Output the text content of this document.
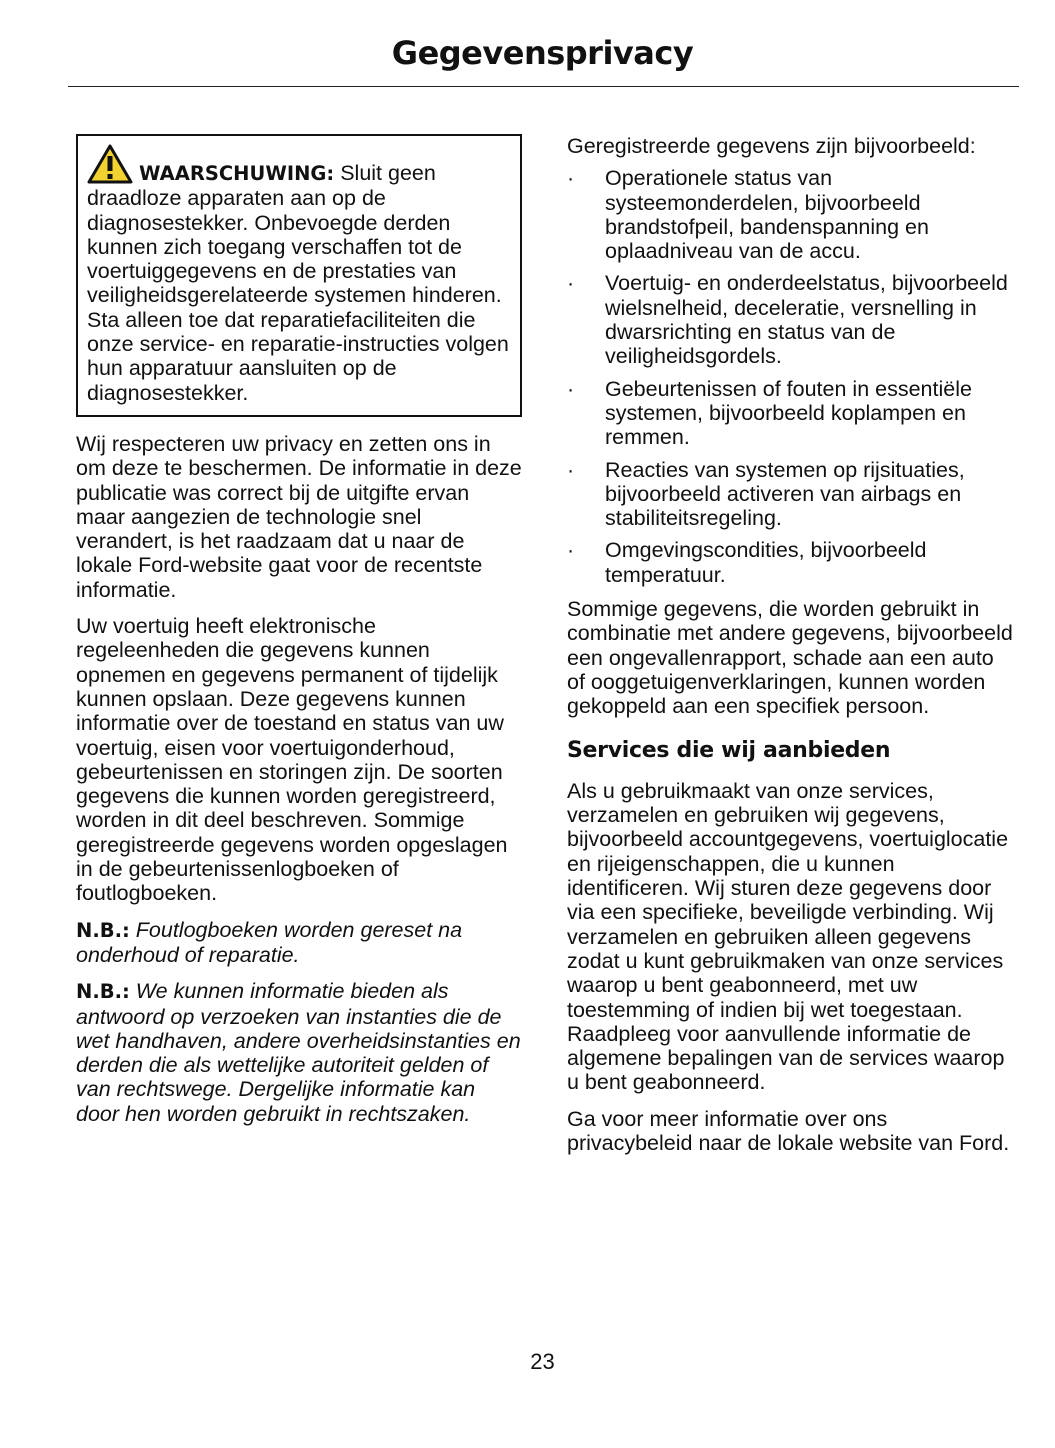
Gegevensprivacy
WAARSCHUWING: Sluit geen draadloze apparaten aan op de diagnosestekker. Onbevoegde derden kunnen zich toegang verschaffen tot de voertuiggegevens en de prestaties van veiligheidsgerelateerde systemen hinderen. Sta alleen toe dat reparatiefaciliteiten die onze service- en reparatie-instructies volgen hun apparatuur aansluiten op de diagnosestekker.

Wij respecteren uw privacy en zetten ons in om deze te beschermen. De informatie in deze publicatie was correct bij de uitgifte ervan maar aangezien de technologie snel verandert, is het raadzaam dat u naar de lokale Ford-website gaat voor de recentste informatie.

Uw voertuig heeft elektronische regeleenheden die gegevens kunnen opnemen en gegevens permanent of tijdelijk kunnen opslaan. Deze gegevens kunnen informatie over de toestand en status van uw voertuig, eisen voor voertuigonderhoud, gebeurtenissen en storingen zijn. De soorten gegevens die kunnen worden geregistreerd, worden in dit deel beschreven. Sommige geregistreerde gegevens worden opgeslagen in de gebeurtenissenlogboeken of foutlogboeken.

N.B.: Foutlogboeken worden gereset na onderhoud of reparatie.

N.B.: We kunnen informatie bieden als antwoord op verzoeken van instanties die de wet handhaven, andere overheidsinstanties en derden die als wettelijke autoriteit gelden of van rechtswege. Dergelijke informatie kan door hen worden gebruikt in rechtszaken.

Geregistreerde gegevens zijn bijvoorbeeld:

· Operationele status van systeemonderdelen, bijvoorbeeld brandstofpeil, bandenspanning en oplaadniveau van de accu.
· Voertuig- en onderdeelstatus, bijvoorbeeld wielsnelheid, deceleratie, versnelling in dwarsrichting en status van de veiligheidsgordels.
· Gebeurtenissen of fouten in essentiële systemen, bijvoorbeeld koplampen en remmen.
· Reacties van systemen op rijsituaties, bijvoorbeeld activeren van airbags en stabiliteitsregeling.
· Omgevingscondities, bijvoorbeeld temperatuur.

Sommige gegevens, die worden gebruikt in combinatie met andere gegevens, bijvoorbeeld een ongevallenrapport, schade aan een auto of ooggetuigenverklaringen, kunnen worden gekoppeld aan een specifiek persoon.

Services die wij aanbieden

Als u gebruikmaakt van onze services, verzamelen en gebruiken wij gegevens, bijvoorbeeld accountgegevens, voertuiglocatie en rijeigenschappen, die u kunnen identificeren. Wij sturen deze gegevens door via een specifieke, beveiligde verbinding. Wij verzamelen en gebruiken alleen gegevens zodat u kunt gebruikmaken van onze services waarop u bent geabonneerd, met uw toestemming of indien bij wet toegestaan. Raadpleeg voor aanvullende informatie de algemene bepalingen van de services waarop u bent geabonneerd.

Ga voor meer informatie over ons privacybeleid naar de lokale website van Ford.

23
